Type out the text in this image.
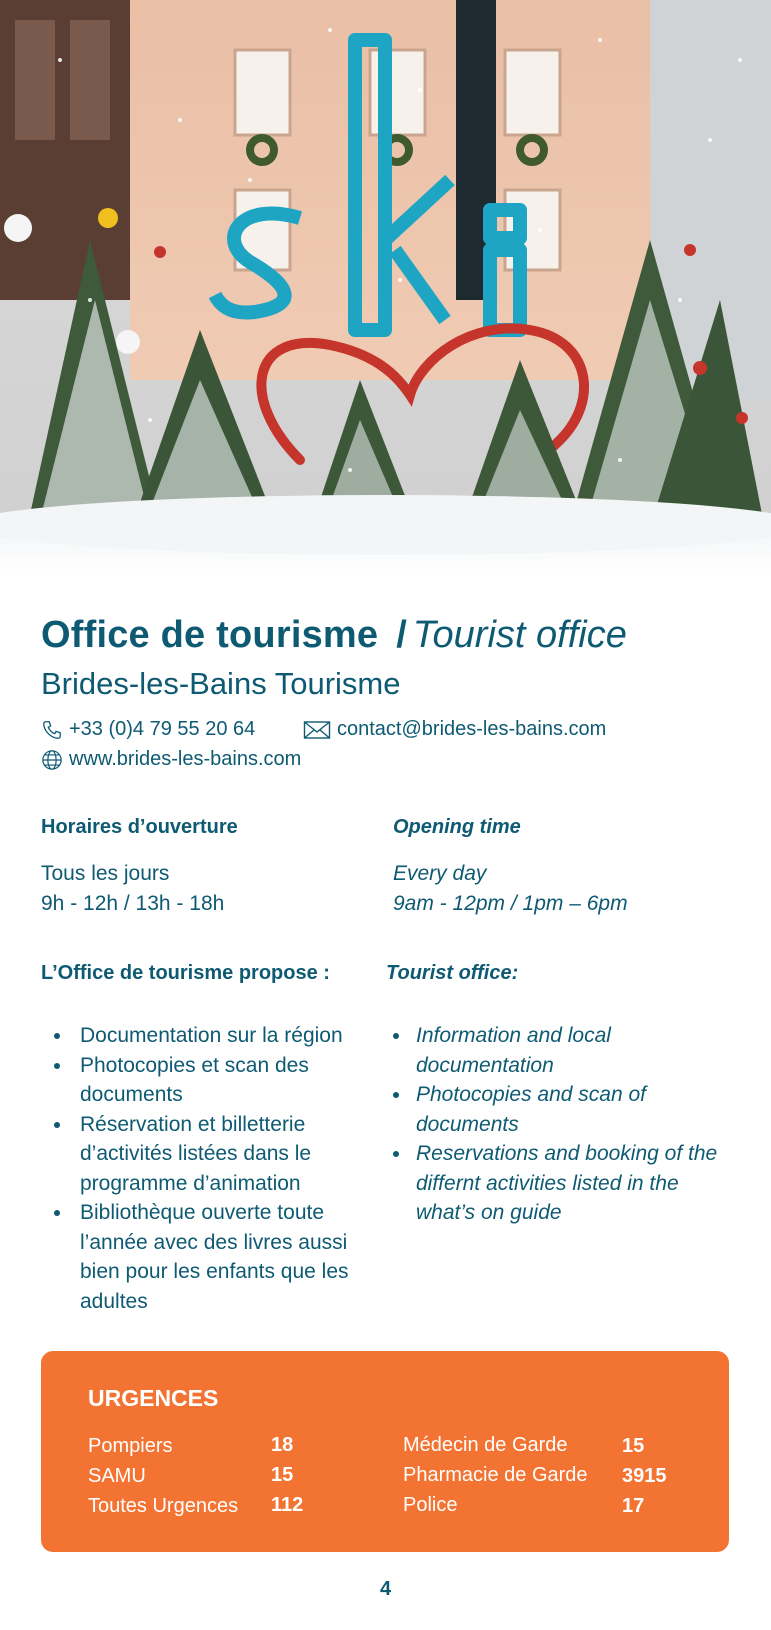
Office de tourisme / Tourist office
Brides-les-Bains Tourisme
+33 (0)4 79 55 20 64	contact@brides-les-bains.com
www.brides-les-bains.com
Horaires d’ouverture
Tous les jours
9h - 12h / 13h - 18h
Opening time
Every day
9am - 12pm / 1pm – 6pm
L’Office de tourisme propose :
Documentation sur la région
Photocopies et scan des documents
Réservation et billetterie d’activités listées dans le programme d’animation
Bibliothèque ouverte toute l’année avec des livres aussi bien pour les enfants que les adultes
Tourist office:
Information and local documentation
Photocopies and scan of documents
Reservations and booking of the differnt activities listed in the what’s on guide
URGENCES
Pompiers	18
SAMU	15
Toutes Urgences 112
Médecin de Garde	15
Pharmacie de Garde 3915
Police	17
4
